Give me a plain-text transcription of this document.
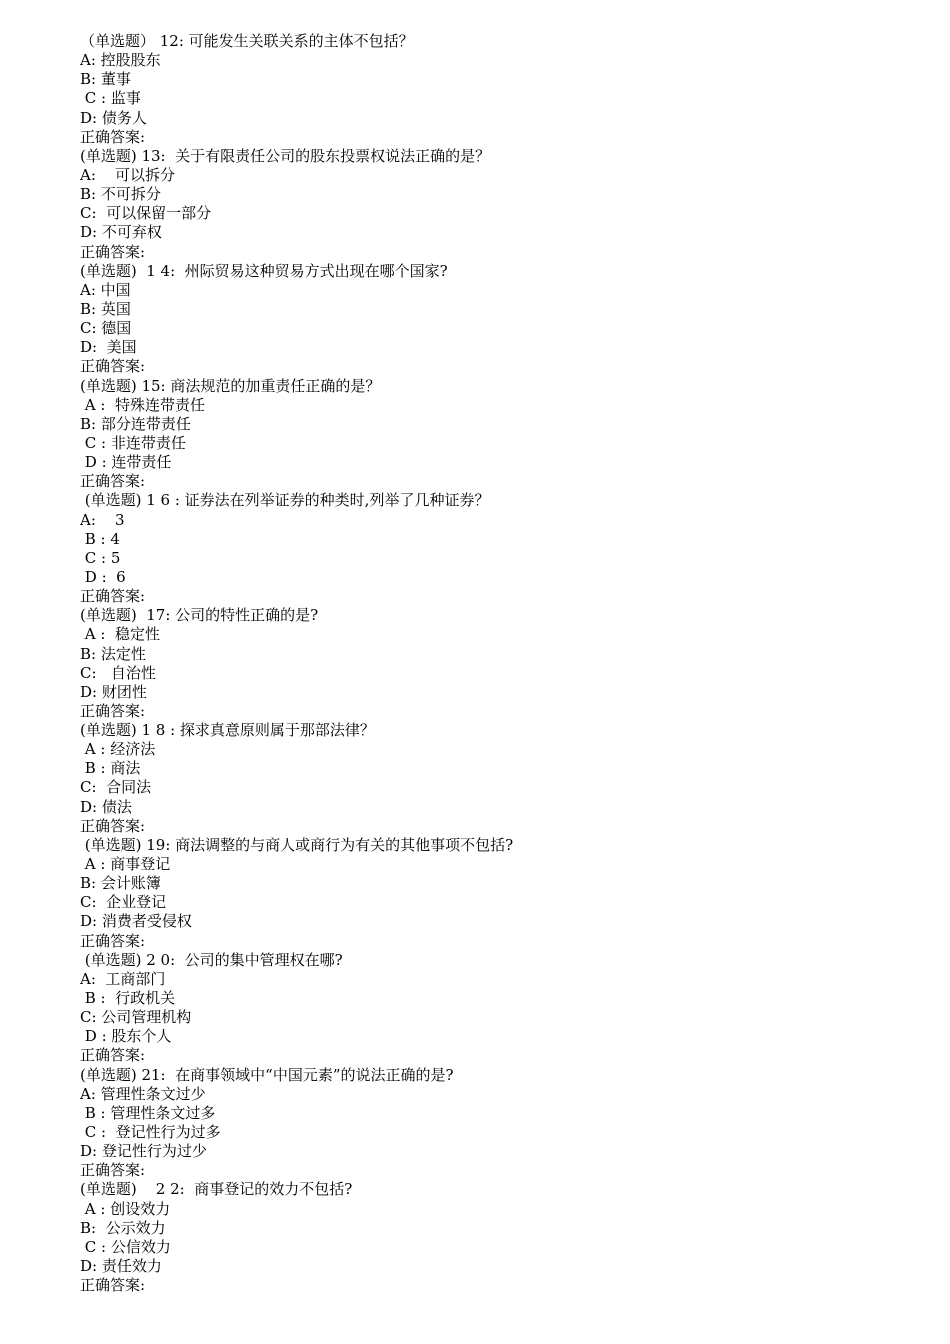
（单选题） 12: 可能发生关联关系的主体不包括？
A: 控股股东
B: 董事
C : 监事
D: 债务人
正确答案:
(单选题) 13:  关于有限责任公司的股东投票权说法正确的是？
A:    可以拆分
B: 不可拆分
C:  可以保留一部分
D: 不可弃权
正确答案:
(单选题)  1 4:  州际贸易这种贸易方式出现在哪个国家?
A: 中国
B: 英国
C: 德国
D:  美国
正确答案:
(单选题) 15: 商法规范的加重责任正确的是？
A :  特殊连带责任
B: 部分连带责任
C : 非连带责任
D : 连带责任
正确答案:
(单选题) 1 6 : 证券法在列举证券的种类时,列举了几种证券？
A:    3
B : 4
C : 5
D :  6
正确答案:
(单选题)  17: 公司的特性正确的是?
A :  稳定性
B: 法定性
C:   自治性
D: 财团性
正确答案:
(单选题) 1 8 : 探求真意原则属于那部法律？
A : 经济法
B : 商法
C:  合同法
D: 债法
正确答案:
(单选题) 19: 商法调整的与商人或商行为有关的其他事项不包括?
A : 商事登记
B: 会计账簿
C:  企业登记
D: 消费者受侵权
正确答案:
(单选题) 2 0:  公司的集中管理权在哪?
A:  工商部门
B :  行政机关
C: 公司管理机构
D : 股东个人
正确答案:
(单选题) 21:  在商事领域中“中国元素”的说法正确的是?
A: 管理性条文过少
B : 管理性条文过多
C :  登记性行为过多
D: 登记性行为过少
正确答案:
(单选题)    2 2:  商事登记的效力不包括?
A : 创设效力
B:  公示效力
C : 公信效力
D: 责任效力
正确答案:
